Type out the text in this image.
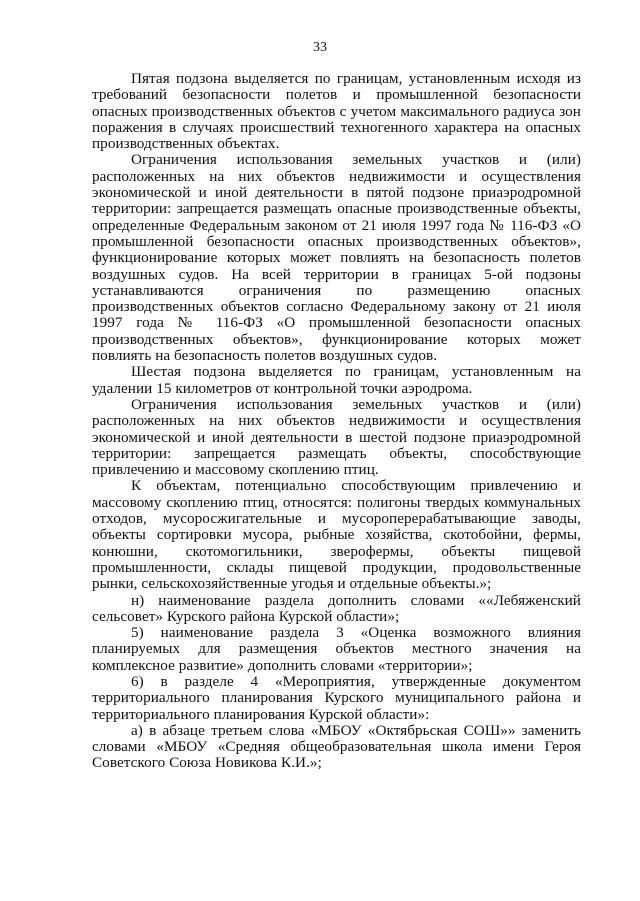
33

Пятая подзона выделяется по границам, установленным исходя из требований безопасности полетов и промышленной безопасности опасных производственных объектов с учетом максимального радиуса зон поражения в случаях происшествий техногенного характера на опасных производственных объектах.

Ограничения использования земельных участков и (или) расположенных на них объектов недвижимости и осуществления экономической и иной деятельности в пятой подзоне приаэродромной территории: запрещается размещать опасные производственные объекты, определенные Федеральным законом от 21 июля 1997 года № 116-ФЗ «О промышленной безопасности опасных производственных объектов», функционирование которых может повлиять на безопасность полетов воздушных судов. На всей территории в границах 5-ой подзоны устанавливаются ограничения по размещению опасных производственных объектов согласно Федеральному закону от 21 июля 1997 года № 116-ФЗ «О промышленной безопасности опасных производственных объектов», функционирование которых может повлиять на безопасность полетов воздушных судов.

Шестая подзона выделяется по границам, установленным на удалении 15 километров от контрольной точки аэродрома.

Ограничения использования земельных участков и (или) расположенных на них объектов недвижимости и осуществления экономической и иной деятельности в шестой подзоне приаэродромной территории: запрещается размещать объекты, способствующие привлечению и массовому скоплению птиц.

К объектам, потенциально способствующим привлечению и массовому скоплению птиц, относятся: полигоны твердых коммунальных отходов, мусоросжигательные и мусороперерабатывающие заводы, объекты сортировки мусора, рыбные хозяйства, скотобойни, фермы, конюшни, скотомогильники, зверофермы, объекты пищевой промышленности, склады пищевой продукции, продовольственные рынки, сельскохозяйственные угодья и отдельные объекты.»;

н) наименование раздела дополнить словами ««Лебяженский сельсовет» Курского района Курской области»;

5) наименование раздела 3 «Оценка возможного влияния планируемых для размещения объектов местного значения на комплексное развитие» дополнить словами «территории»;

6) в разделе 4 «Мероприятия, утвержденные документом территориального планирования Курского муниципального района и территориального планирования Курской области»:

а) в абзаце третьем слова «МБОУ «Октябрьская СОШ»» заменить словами «МБОУ «Средняя общеобразовательная школа имени Героя Советского Союза Новикова К.И.»;
